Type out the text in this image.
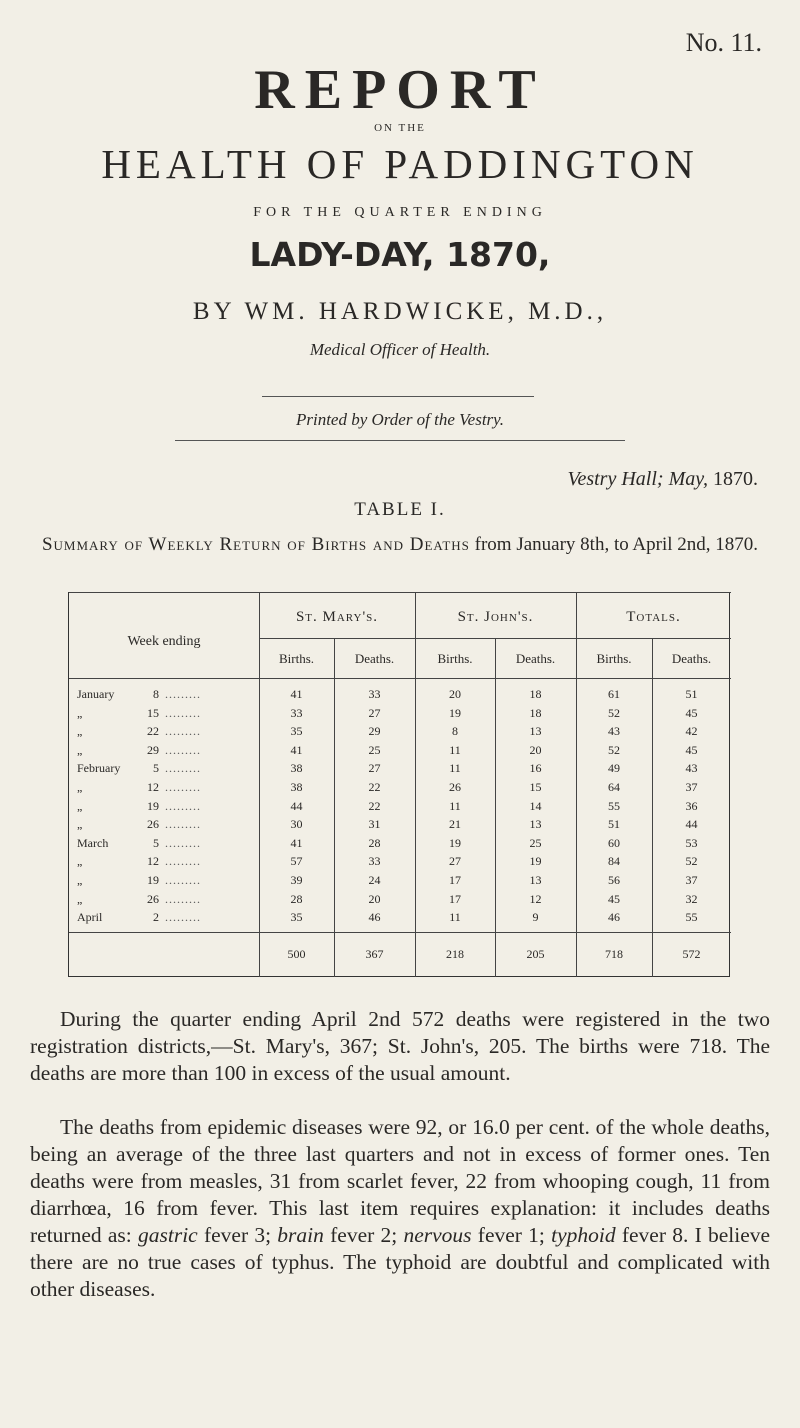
No. 11.
REPORT
ON THE
HEALTH OF PADDINGTON
FOR THE QUARTER ENDING
LADY-DAY, 1870,
BY WM. HARDWICKE, M.D.,
Medical Officer of Health.
Printed by Order of the Vestry.
Vestry Hall; May, 1870.
TABLE I.
Summary of Weekly Return of Births and Deaths from January 8th, to April 2nd, 1870.
Week ending
St. Mary's.	St. John's.	Totals.
Births.	Deaths.	Births.	Deaths.	Births.	Deaths.
January	8 .........	41	33	20	18	61	51
„	15 .........	33	27	19	18	52	45
„	22 .........	35	29	8	13	43	42
„	29 .........	41	25	11	20	52	45
February	5 .........	38	27	11	16	49	43
„	12 .........	38	22	26	15	64	37
„	19 .........	44	22	11	14	55	36
„	26 .........	30	31	21	13	51	44
March	5 .........	41	28	19	25	60	53
„	12 .........	57	33	27	19	84	52
„	19 .........	39	24	17	13	56	37
„	26 .........	28	20	17	12	45	32
April	2 .........	35	46	11	9	46	55
500	367	218	205	718	572
During the quarter ending April 2nd 572 deaths were registered in the two registration districts,—St. Mary's, 367; St. John's, 205. The births were 718. The deaths are more than 100 in excess of the usual amount.
The deaths from epidemic diseases were 92, or 16.0 per cent. of the whole deaths, being an average of the three last quarters and not in excess of former ones. Ten deaths were from measles, 31 from scarlet fever, 22 from whooping cough, 11 from diarrhœa, 16 from fever. This last item requires explanation: it includes deaths returned as: gastric fever 3; brain fever 2; nervous fever 1; typhoid fever 8. I believe there are no true cases of typhus. The typhoid are doubtful and complicated with other diseases.
